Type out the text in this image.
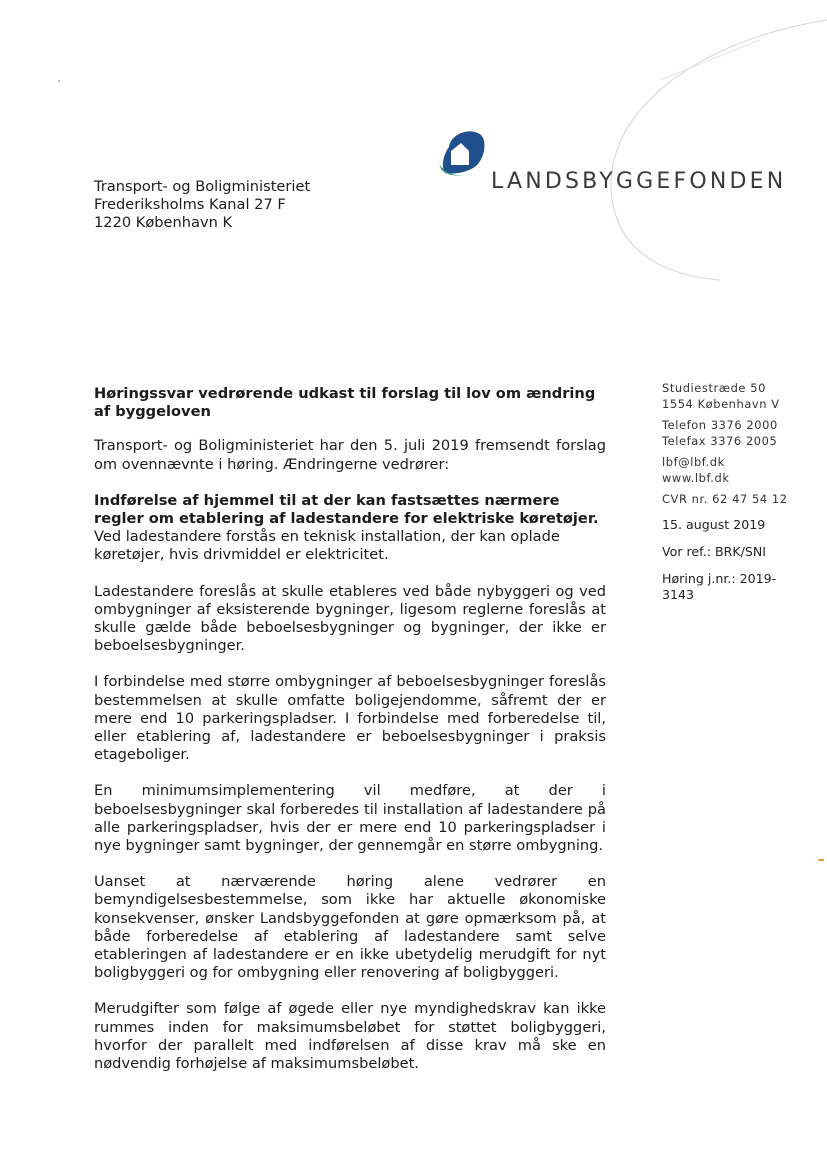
LANDSBYGGEFONDEN
Transport- og Boligministeriet
Frederiksholms Kanal 27 F
1220 København K
Studiestræde 50
1554 København V
Telefon 3376 2000
Telefax 3376 2005
lbf@lbf.dk
www.lbf.dk
CVR nr. 62 47 54 12
15. august 2019
Vor ref.: BRK/SNI
Høring j.nr.: 2019-
3143

Høringssvar vedrørende udkast til forslag til lov om ændring af byggeloven

Transport- og Boligministeriet har den 5. juli 2019 fremsendt forslag om ovennævnte i høring. Ændringerne vedrører:

Indførelse af hjemmel til at der kan fastsættes nærmere regler om etablering af ladestandere for elektriske køretøjer.

Ved ladestandere forstås en teknisk installation, der kan oplade køretøjer, hvis drivmiddel er elektricitet.

Ladestandere foreslås at skulle etableres ved både nybyggeri og ved ombygninger af eksisterende bygninger, ligesom reglerne foreslås at skulle gælde både beboelsesbygninger og bygninger, der ikke er beboelsesbygninger.

I forbindelse med større ombygninger af beboelsesbygninger foreslås bestemmelsen at skulle omfatte boligejendomme, såfremt der er mere end 10 parkeringspladser. I forbindelse med forberedelse til, eller etablering af, ladestandere er beboelsesbygninger i praksis etageboliger.

En minimumsimplementering vil medføre, at der i beboelsesbygninger skal forberedes til installation af ladestandere på alle parkeringspladser, hvis der er mere end 10 parkeringspladser i nye bygninger samt bygninger, der gennemgår en større ombygning.

Uanset at nærværende høring alene vedrører en bemyndigelsesbestemmelse, som ikke har aktuelle økonomiske konsekvenser, ønsker Landsbyggefonden at gøre opmærksom på, at både forberedelse af etablering af ladestandere samt selve etableringen af ladestandere er en ikke ubetydelig merudgift for nyt boligbyggeri og for ombygning eller renovering af boligbyggeri.

Merudgifter som følge af øgede eller nye myndighedskrav kan ikke rummes inden for maksimumsbeløbet for støttet boligbyggeri, hvorfor der parallelt med indførelsen af disse krav må ske en nødvendig forhøjelse af maksimumsbeløbet.
